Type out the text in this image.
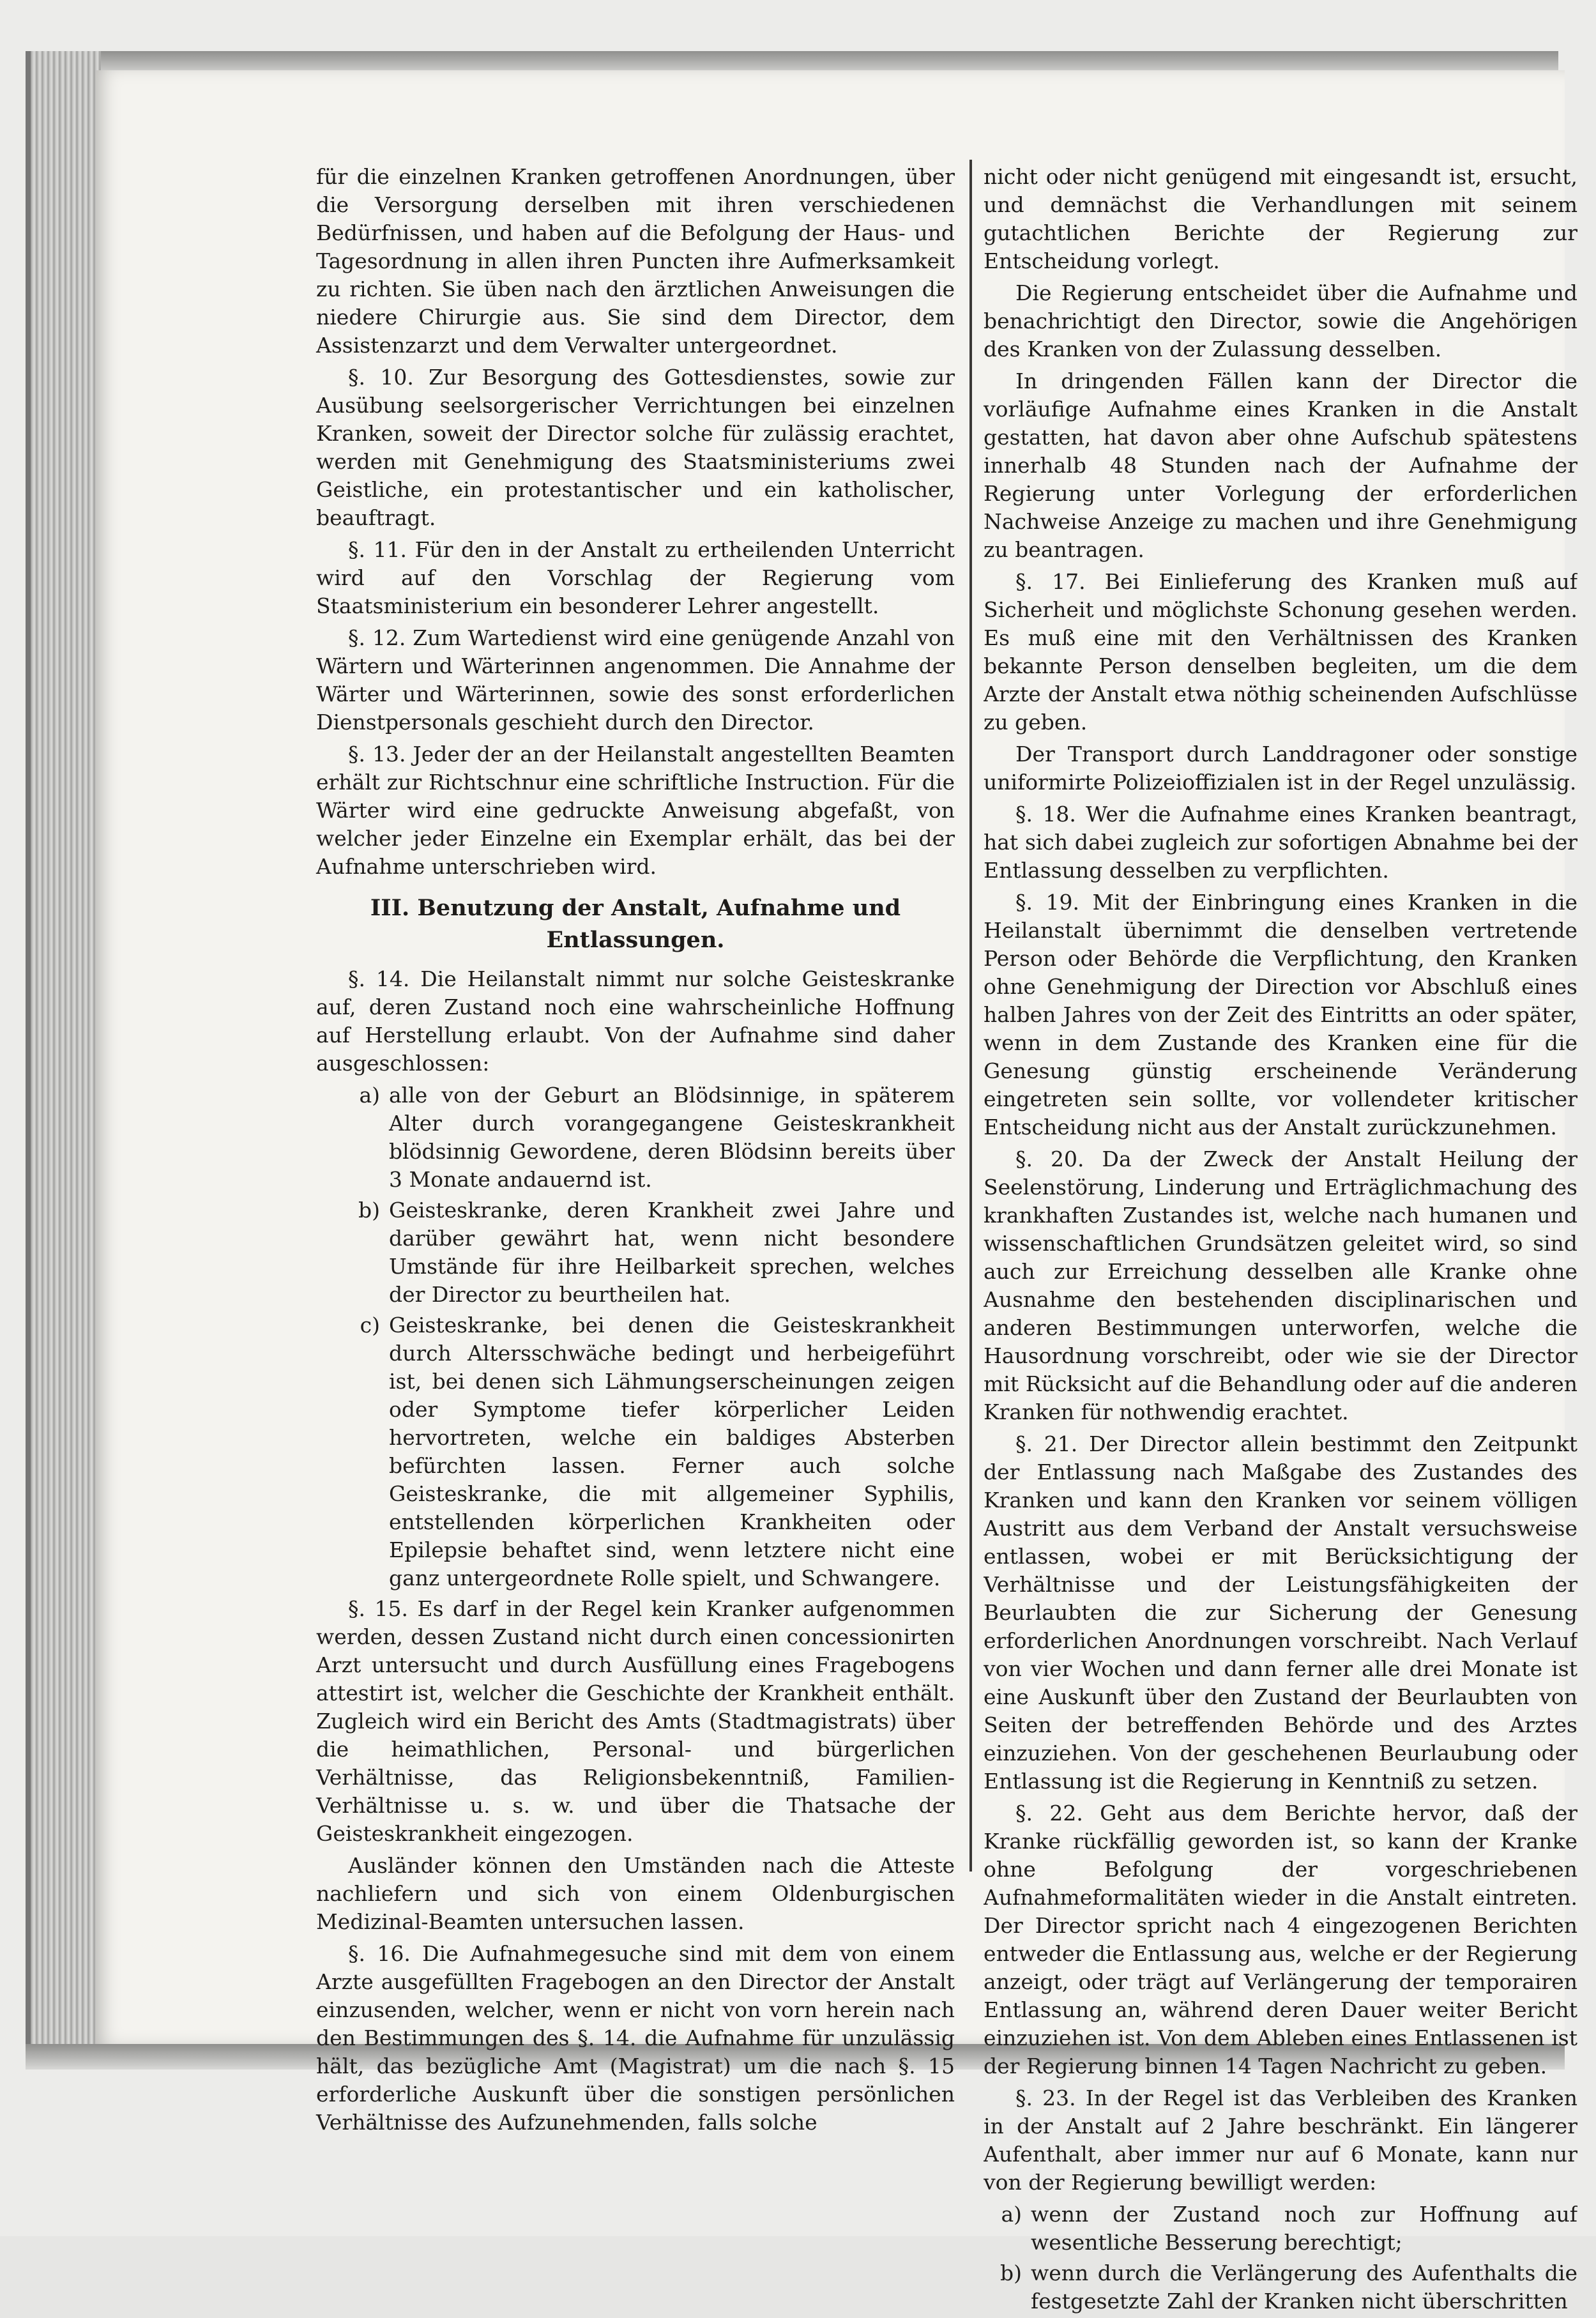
für die einzelnen Kranken getroffenen Anordnungen, über die Versorgung derselben mit ihren verschiedenen Bedürfnissen, und haben auf die Befolgung der Haus- und Tagesordnung in allen ihren Puncten ihre Aufmerksamkeit zu richten. Sie üben nach den ärztlichen Anweisungen die niedere Chirurgie aus. Sie sind dem Director, dem Assistenzarzt und dem Verwalter untergeordnet.

§. 10. Zur Besorgung des Gottesdienstes, sowie zur Ausübung seelsorgerischer Verrichtungen bei einzelnen Kranken, soweit der Director solche für zulässig erachtet, werden mit Genehmigung des Staatsministeriums zwei Geistliche, ein protestantischer und ein katholischer, beauftragt.

§. 11. Für den in der Anstalt zu ertheilenden Unterricht wird auf den Vorschlag der Regierung vom Staatsministerium ein besonderer Lehrer angestellt.

§. 12. Zum Wartedienst wird eine genügende Anzahl von Wärtern und Wärterinnen angenommen. Die Annahme der Wärter und Wärterinnen, sowie des sonst erforderlichen Dienstpersonals geschieht durch den Director.

§. 13. Jeder der an der Heilanstalt angestellten Beamten erhält zur Richtschnur eine schriftliche Instruction. Für die Wärter wird eine gedruckte Anweisung abgefaßt, von welcher jeder Einzelne ein Exemplar erhält, das bei der Aufnahme unterschrieben wird.

III. Benutzung der Anstalt, Aufnahme und Entlassungen.

§. 14. Die Heilanstalt nimmt nur solche Geisteskranke auf, deren Zustand noch eine wahrscheinliche Hoffnung auf Herstellung erlaubt. Von der Aufnahme sind daher ausgeschlossen:

a) alle von der Geburt an Blödsinnige, in späterem Alter durch vorangegangene Geisteskrankheit blödsinnig Gewordene, deren Blödsinn bereits über 3 Monate andauernd ist.
b) Geisteskranke, deren Krankheit zwei Jahre und darüber gewährt hat, wenn nicht besondere Umstände für ihre Heilbarkeit sprechen, welches der Director zu beurtheilen hat.
c) Geisteskranke, bei denen die Geisteskrankheit durch Altersschwäche bedingt und herbeigeführt ist, bei denen sich Lähmungserscheinungen zeigen oder Symptome tiefer körperlicher Leiden hervortreten, welche ein baldiges Absterben befürchten lassen. Ferner auch solche Geisteskranke, die mit allgemeiner Syphilis, entstellenden körperlichen Krankheiten oder Epilepsie behaftet sind, wenn letztere nicht eine ganz untergeordnete Rolle spielt, und Schwangere.

§. 15. Es darf in der Regel kein Kranker aufgenommen werden, dessen Zustand nicht durch einen concessionirten Arzt untersucht und durch Ausfüllung eines Fragebogens attestirt ist, welcher die Geschichte der Krankheit enthält. Zugleich wird ein Bericht des Amts (Stadtmagistrats) über die heimathlichen, Personal- und bürgerlichen Verhältnisse, das Religionsbekenntniß, Familien-Verhältnisse u. s. w. und über die Thatsache der Geisteskrankheit eingezogen.

Ausländer können den Umständen nach die Atteste nachliefern und sich von einem Oldenburgischen Medizinal-Beamten untersuchen lassen.

§. 16. Die Aufnahmegesuche sind mit dem von einem Arzte ausgefüllten Fragebogen an den Director der Anstalt einzusenden, welcher, wenn er nicht von vorn herein nach den Bestimmungen des §. 14. die Aufnahme für unzulässig hält, das bezügliche Amt (Magistrat) um die nach §. 15 erforderliche Auskunft über die sonstigen persönlichen Verhältnisse des Aufzunehmenden, falls solche

nicht oder nicht genügend mit eingesandt ist, ersucht, und demnächst die Verhandlungen mit seinem gutachtlichen Berichte der Regierung zur Entscheidung vorlegt.

Die Regierung entscheidet über die Aufnahme und benachrichtigt den Director, sowie die Angehörigen des Kranken von der Zulassung desselben.

In dringenden Fällen kann der Director die vorläufige Aufnahme eines Kranken in die Anstalt gestatten, hat davon aber ohne Aufschub spätestens innerhalb 48 Stunden nach der Aufnahme der Regierung unter Vorlegung der erforderlichen Nachweise Anzeige zu machen und ihre Genehmigung zu beantragen.

§. 17. Bei Einlieferung des Kranken muß auf Sicherheit und möglichste Schonung gesehen werden. Es muß eine mit den Verhältnissen des Kranken bekannte Person denselben begleiten, um die dem Arzte der Anstalt etwa nöthig scheinenden Aufschlüsse zu geben.

Der Transport durch Landdragoner oder sonstige uniformirte Polizeioffizialen ist in der Regel unzulässig.

§. 18. Wer die Aufnahme eines Kranken beantragt, hat sich dabei zugleich zur sofortigen Abnahme bei der Entlassung desselben zu verpflichten.

§. 19. Mit der Einbringung eines Kranken in die Heilanstalt übernimmt die denselben vertretende Person oder Behörde die Verpflichtung, den Kranken ohne Genehmigung der Direction vor Abschluß eines halben Jahres von der Zeit des Eintritts an oder später, wenn in dem Zustande des Kranken eine für die Genesung günstig erscheinende Veränderung eingetreten sein sollte, vor vollendeter kritischer Entscheidung nicht aus der Anstalt zurückzunehmen.

§. 20. Da der Zweck der Anstalt Heilung der Seelenstörung, Linderung und Erträglichmachung des krankhaften Zustandes ist, welche nach humanen und wissenschaftlichen Grundsätzen geleitet wird, so sind auch zur Erreichung desselben alle Kranke ohne Ausnahme den bestehenden disciplinarischen und anderen Bestimmungen unterworfen, welche die Hausordnung vorschreibt, oder wie sie der Director mit Rücksicht auf die Behandlung oder auf die anderen Kranken für nothwendig erachtet.

§. 21. Der Director allein bestimmt den Zeitpunkt der Entlassung nach Maßgabe des Zustandes des Kranken und kann den Kranken vor seinem völligen Austritt aus dem Verband der Anstalt versuchsweise entlassen, wobei er mit Berücksichtigung der Verhältnisse und der Leistungsfähigkeiten der Beurlaubten die zur Sicherung der Genesung erforderlichen Anordnungen vorschreibt. Nach Verlauf von vier Wochen und dann ferner alle drei Monate ist eine Auskunft über den Zustand der Beurlaubten von Seiten der betreffenden Behörde und des Arztes einzuziehen. Von der geschehenen Beurlaubung oder Entlassung ist die Regierung in Kenntniß zu setzen.

§. 22. Geht aus dem Berichte hervor, daß der Kranke rückfällig geworden ist, so kann der Kranke ohne Befolgung der vorgeschriebenen Aufnahmeformalitäten wieder in die Anstalt eintreten. Der Director spricht nach 4 eingezogenen Berichten entweder die Entlassung aus, welche er der Regierung anzeigt, oder trägt auf Verlängerung der temporairen Entlassung an, während deren Dauer weiter Bericht einzuziehen ist. Von dem Ableben eines Entlassenen ist der Regierung binnen 14 Tagen Nachricht zu geben.

§. 23. In der Regel ist das Verbleiben des Kranken in der Anstalt auf 2 Jahre beschränkt. Ein längerer Aufenthalt, aber immer nur auf 6 Monate, kann nur von der Regierung bewilligt werden:

a) wenn der Zustand noch zur Hoffnung auf wesentliche Besserung berechtigt;
b) wenn durch die Verlängerung des Aufenthalts die festgesetzte Zahl der Kranken nicht überschritten
